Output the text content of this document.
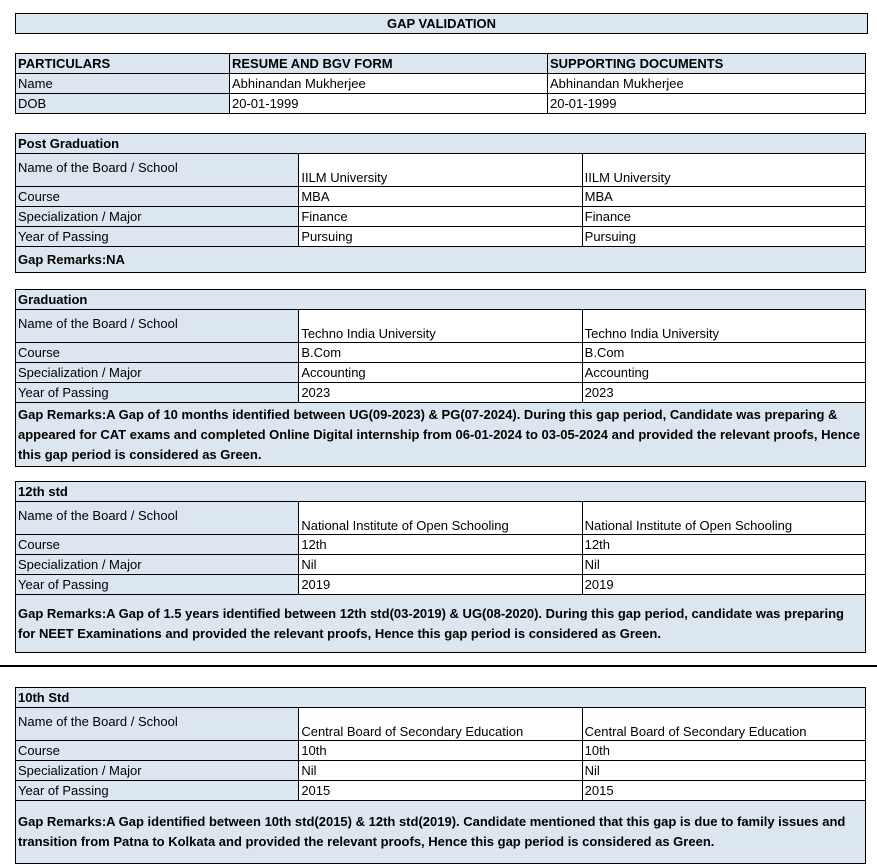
GAP VALIDATION
PARTICULARS	RESUME AND BGV FORM	SUPPORTING DOCUMENTS
Name	Abhinandan Mukherjee	Abhinandan Mukherjee
DOB	20-01-1999	20-01-1999
Post Graduation		
Name of the Board / School	IILM University	IILM University
Course	MBA	MBA
Specialization / Major	Finance	Finance
Year of Passing	Pursuing	Pursuing
Gap Remarks:NA		
Graduation		
Name of the Board / School	Techno India University	Techno India University
Course	B.Com	B.Com
Specialization / Major	Accounting	Accounting
Year of Passing	2023	2023
Gap Remarks:A Gap of 10 months identified between UG(09-2023) & PG(07-2024). During this gap period, Candidate was preparing & appeared for CAT exams and completed Online Digital internship from 06-01-2024 to 03-05-2024 and provided the relevant proofs, Hence this gap period is considered as Green.		
12th std		
Name of the Board / School	National Institute of Open Schooling	National Institute of Open Schooling
Course	12th	12th
Specialization / Major	Nil	Nil
Year of Passing	2019	2019
Gap Remarks:A Gap of 1.5 years identified between 12th std(03-2019) & UG(08-2020). During this gap period, candidate was preparing for NEET Examinations and provided the relevant proofs, Hence this gap period is considered as Green.		
10th Std		
Name of the Board / School	Central Board of Secondary Education	Central Board of Secondary Education
Course	10th	10th
Specialization / Major	Nil	Nil
Year of Passing	2015	2015
Gap Remarks:A Gap identified between 10th std(2015) & 12th std(2019). Candidate mentioned that this gap is due to family issues and transition from Patna to Kolkata and provided the relevant proofs, Hence this gap period is considered as Green.		
